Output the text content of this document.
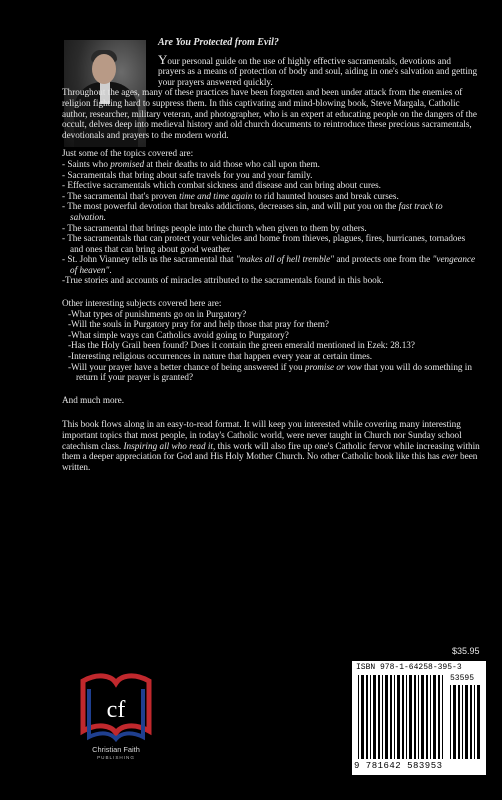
Are You Protected from Evil?

Your personal guide on the use of highly effective sacramentals, devotions and prayers as a means of protection of body and soul, aiding in one's salvation and getting your prayers answered quickly.

Throughout the ages, many of these practices have been forgotten and been under attack from the enemies of religion fighting hard to suppress them. In this captivating and mind-blowing book, Steve Margala, Catholic author, researcher, military veteran, and photographer, who is an expert at educating people on the dangers of the occult, delves deep into medieval history and old church documents to reintroduce these precious sacramentals, devotionals and prayers to the modern world.

Just some of the topics covered are:

- Saints who promised at their deaths to aid those who call upon them.
- Sacramentals that bring about safe travels for you and your family.
- Effective sacramentals which combat sickness and disease and can bring about cures.
- The sacramental that's proven time and time again to rid haunted houses and break curses.
- The most powerful devotion that breaks addictions, decreases sin, and will put you on the fast track to salvation.
- The sacramental that brings people into the church when given to them by others.
- The sacramentals that can protect your vehicles and home from thieves, plagues, fires, hurricanes, tornadoes and ones that can bring about good weather.
- St. John Vianney tells us the sacramental that "makes all of hell tremble" and protects one from the "vengeance of heaven".
-True stories and accounts of miracles attributed to the sacramentals found in this book.

Other interesting subjects covered here are:

-What types of punishments go on in Purgatory?
-Will the souls in Purgatory pray for and help those that pray for them?
-What simple ways can Catholics avoid going to Purgatory?
-Has the Holy Grail been found? Does it contain the green emerald mentioned in Ezek: 28.13?
-Interesting religious occurrences in nature that happen every year at certain times.
-Will your prayer have a better chance of being answered if you promise or vow that you will do something in return if your prayer is granted?

And much more.

This book flows along in an easy-to-read format. It will keep you interested while covering many interesting important topics that most people, in today's Catholic world, were never taught in Church nor Sunday school catechism class. Inspiring all who read it, this work will also fire up one's Catholic fervor while increasing within them a deeper appreciation for God and His Holy Mother Church. No other Catholic book like this has ever been written.

cf
Christian Faith
PUBLISHING
$35.95
ISBN 978-1-64258-395-3
53595
9 781642 583953
